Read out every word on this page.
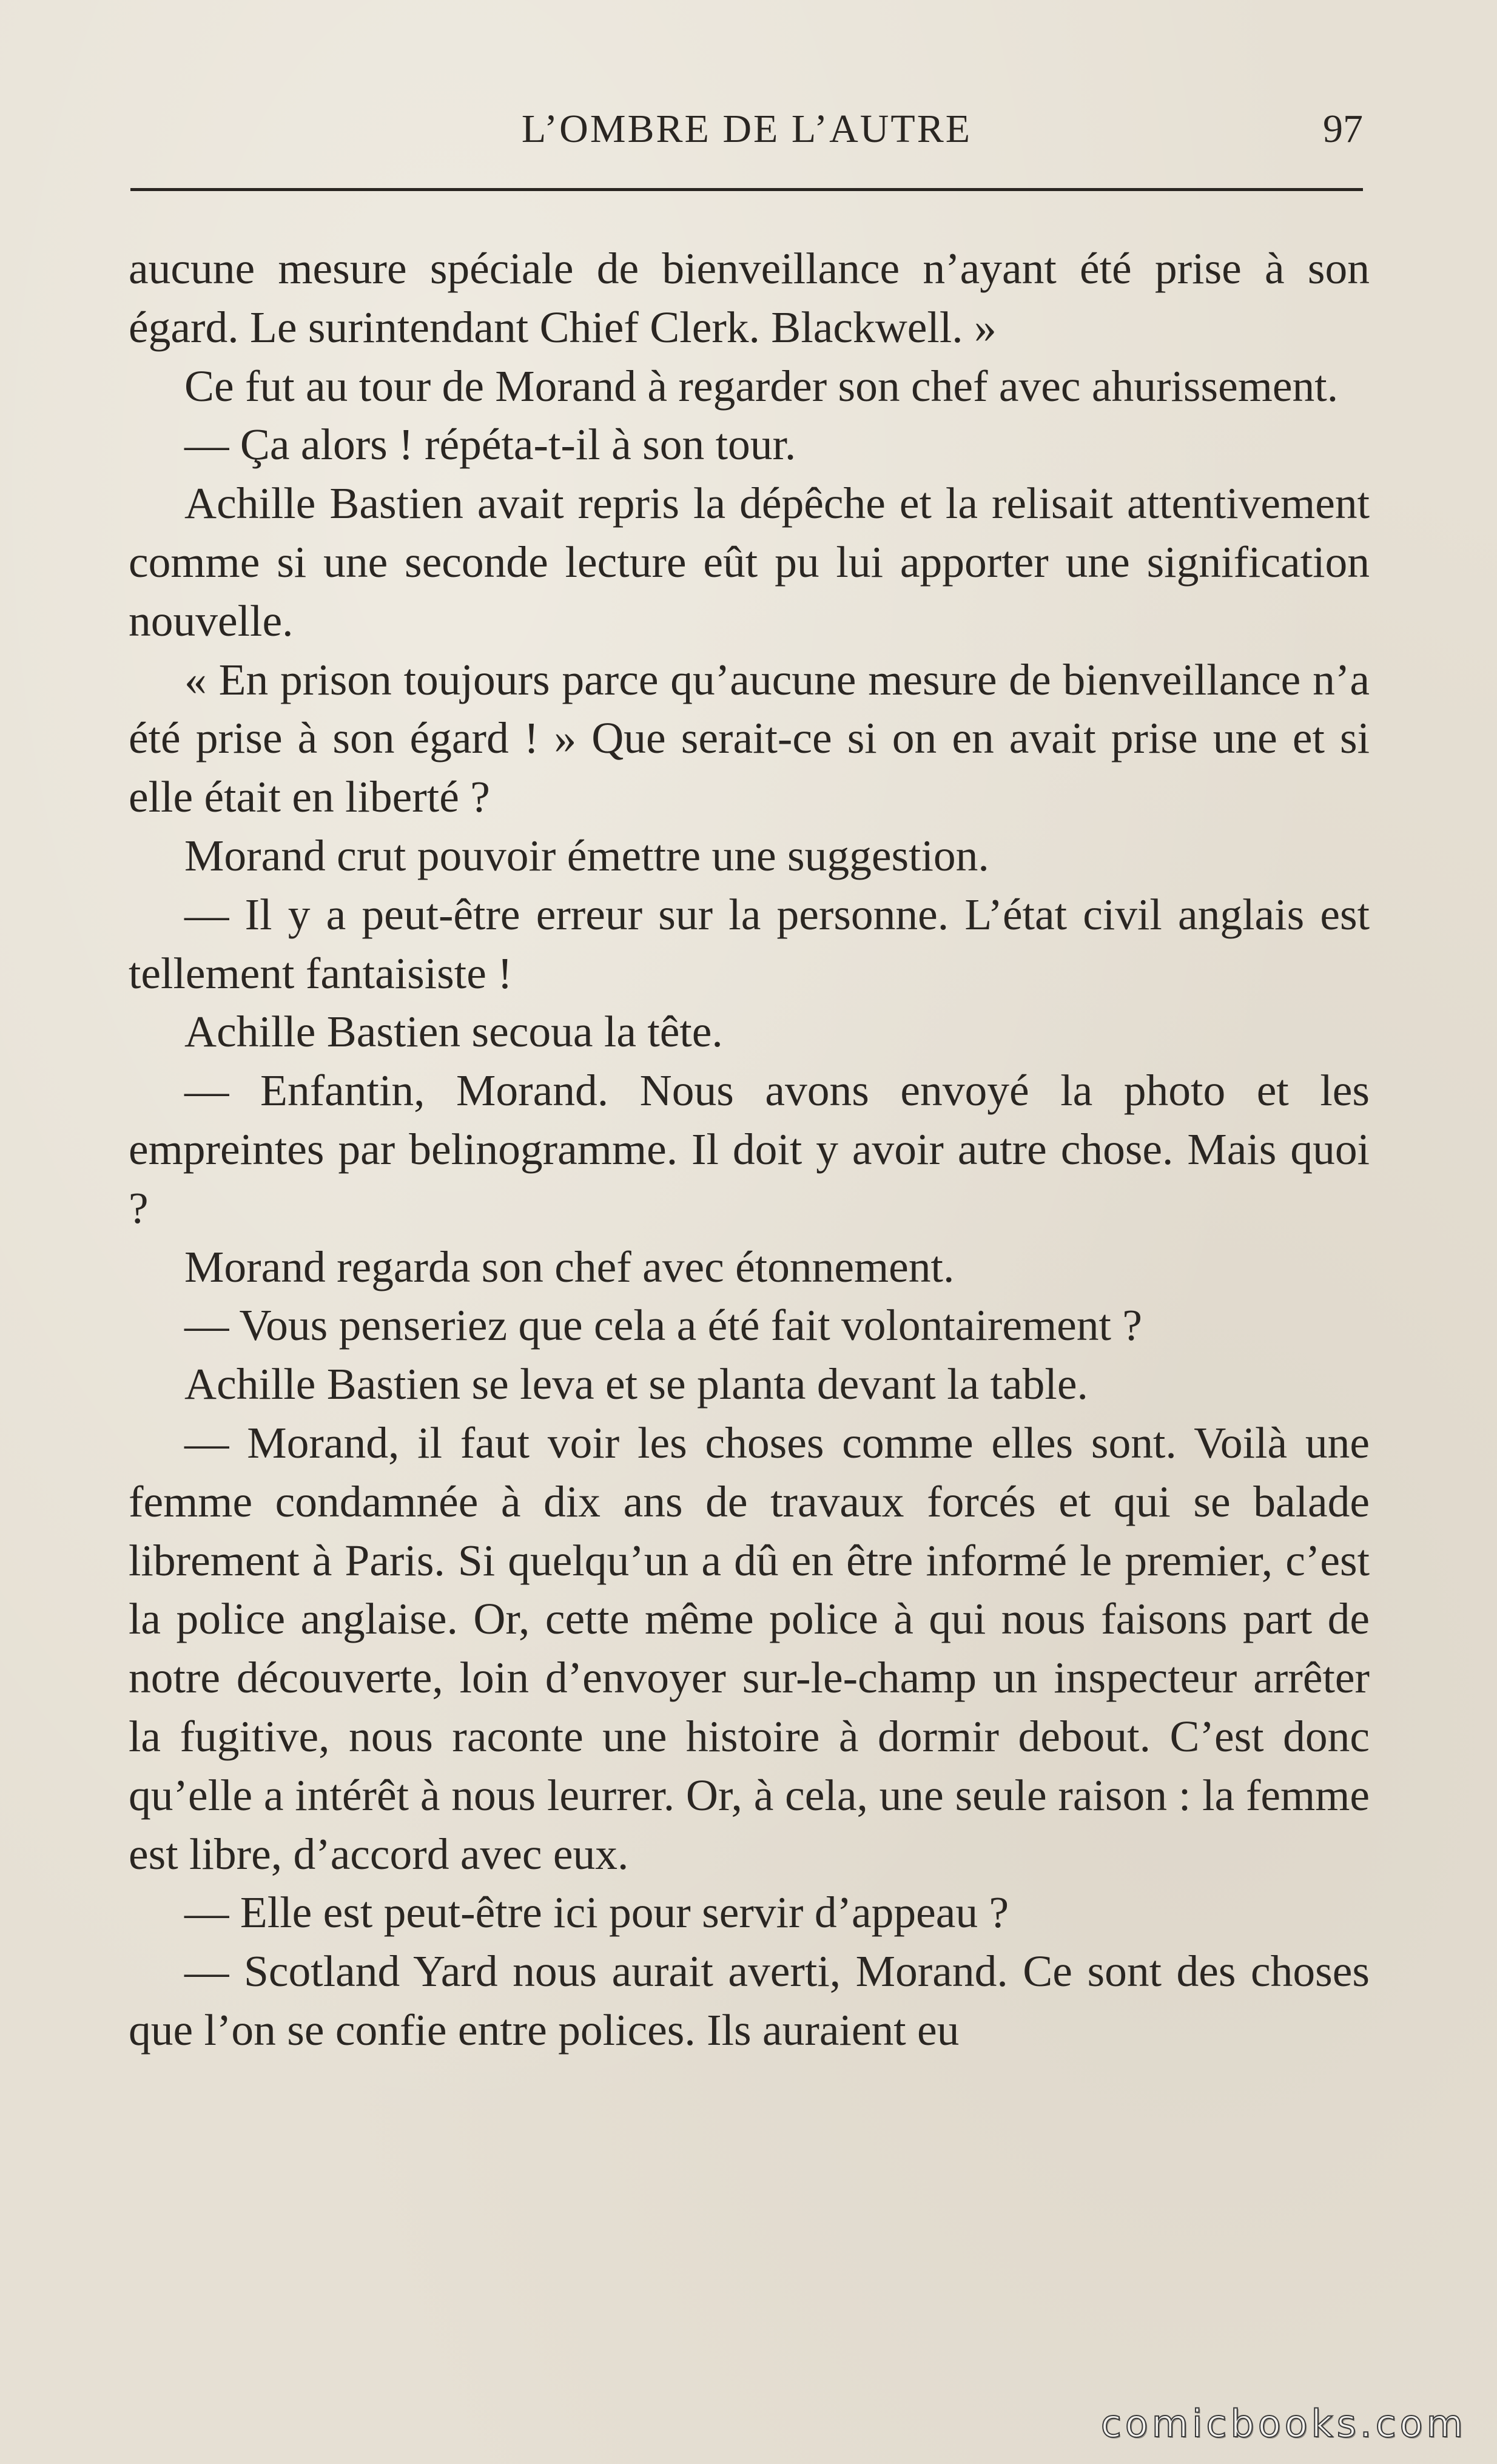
L’OMBRE DE L’AUTRE	97

aucune mesure spéciale de bienveillance n’ayant été prise à son égard. Le surintendant Chief Clerk. Blackwell. »

Ce fut au tour de Morand à regarder son chef avec ahurissement.

— Ça alors ! répéta-t-il à son tour.

Achille Bastien avait repris la dépêche et la relisait attentivement comme si une seconde lecture eût pu lui apporter une signification nouvelle.

« En prison toujours parce qu’aucune mesure de bienveillance n’a été prise à son égard ! » Que serait-ce si on en avait prise une et si elle était en liberté ?

Morand crut pouvoir émettre une suggestion.

— Il y a peut-être erreur sur la personne. L’état civil anglais est tellement fantaisiste !

Achille Bastien secoua la tête.

— Enfantin, Morand. Nous avons envoyé la photo et les empreintes par belinogramme. Il doit y avoir autre chose. Mais quoi ?

Morand regarda son chef avec étonnement.

— Vous penseriez que cela a été fait volontairement ?

Achille Bastien se leva et se planta devant la table.

— Morand, il faut voir les choses comme elles sont. Voilà une femme condamnée à dix ans de travaux forcés et qui se balade librement à Paris. Si quelqu’un a dû en être informé le premier, c’est la police anglaise. Or, cette même police à qui nous faisons part de notre découverte, loin d’envoyer sur-le-champ un inspecteur arrêter la fugitive, nous raconte une histoire à dormir debout. C’est donc qu’elle a intérêt à nous leurrer. Or, à cela, une seule raison : la femme est libre, d’accord avec eux.

— Elle est peut-être ici pour servir d’appeau ?

— Scotland Yard nous aurait averti, Morand. Ce sont des choses que l’on se confie entre polices. Ils auraient eu

comicbooks.com
